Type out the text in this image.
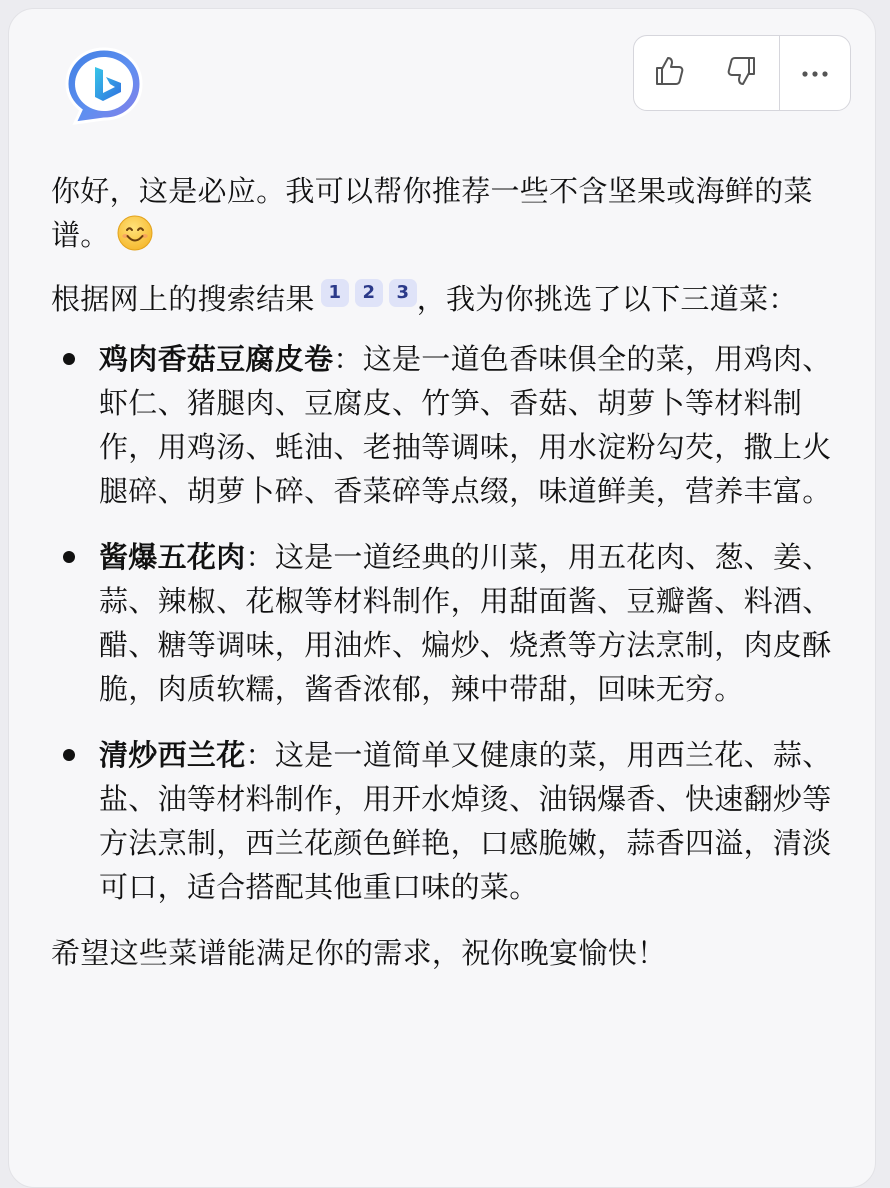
你好，这是必应。我可以帮你推荐一些不含坚果或海鲜的菜谱。

根据网上的搜索结果 1 2 3 ，我为你挑选了以下三道菜：

鸡肉香菇豆腐皮卷：这是一道色香味俱全的菜，用鸡肉、虾仁、猪腿肉、豆腐皮、竹笋、香菇、胡萝卜等材料制作，用鸡汤、蚝油、老抽等调味，用水淀粉勾芡，撒上火腿碎、胡萝卜碎、香菜碎等点缀，味道鲜美，营养丰富。
酱爆五花肉：这是一道经典的川菜，用五花肉、葱、姜、蒜、辣椒、花椒等材料制作，用甜面酱、豆瓣酱、料酒、醋、糖等调味，用油炸、煸炒、烧煮等方法烹制，肉皮酥脆，肉质软糯，酱香浓郁，辣中带甜，回味无穷。
清炒西兰花：这是一道简单又健康的菜，用西兰花、蒜、盐、油等材料制作，用开水焯烫、油锅爆香、快速翻炒等方法烹制，西兰花颜色鲜艳，口感脆嫩，蒜香四溢，清淡可口，适合搭配其他重口味的菜。

希望这些菜谱能满足你的需求，祝你晚宴愉快！
